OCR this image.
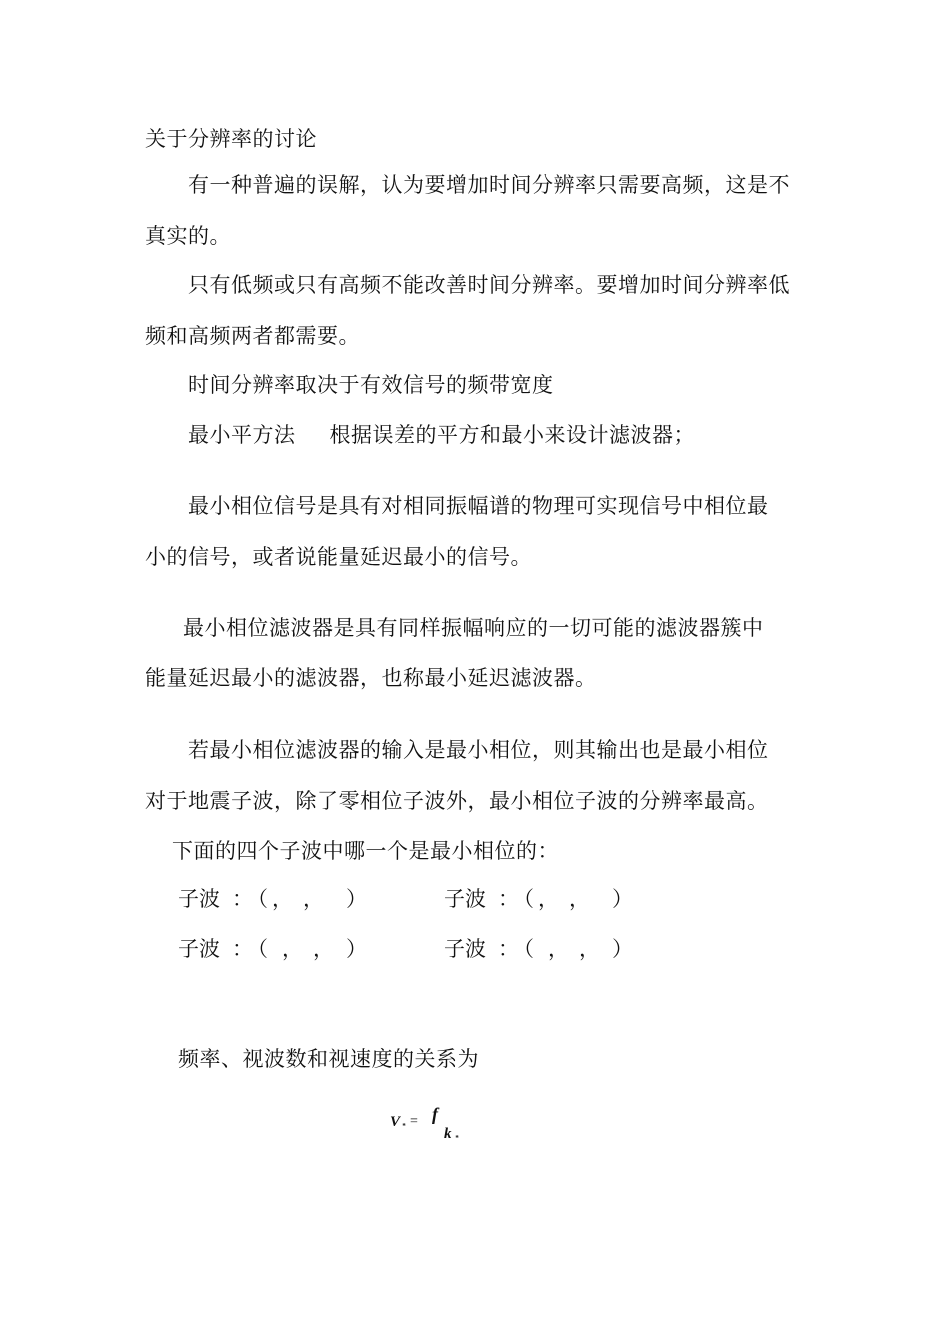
关于分辨率的讨论
有一种普遍的误解，认为要增加时间分辨率只需要高频，这是不
真实的。
只有低频或只有高频不能改善时间分辨率。要增加时间分辨率低
频和高频两者都需要。
时间分辨率取决于有效信号的频带宽度
最小平方法 根据误差的平方和最小来设计滤波器；
最小相位信号是具有对相同振幅谱的物理可实现信号中相位最
小的信号，或者说能量延迟最小的信号。
最小相位滤波器是具有同样振幅响应的一切可能的滤波器簇中
能量延迟最小的滤波器，也称最小延迟滤波器。
若最小相位滤波器的输入是最小相位，则其输出也是最小相位
对于地震子波，除了零相位子波外，最小相位子波的分辨率最高。
下面的四个子波中哪一个是最小相位的：
子波 ：（ ， ， ）	子波 ：（ ， ， ）
子波 ：（ ， ， ）	子波 ：（ ， ， ）
频率、视波数和视速度的关系为
V * = f
k *
